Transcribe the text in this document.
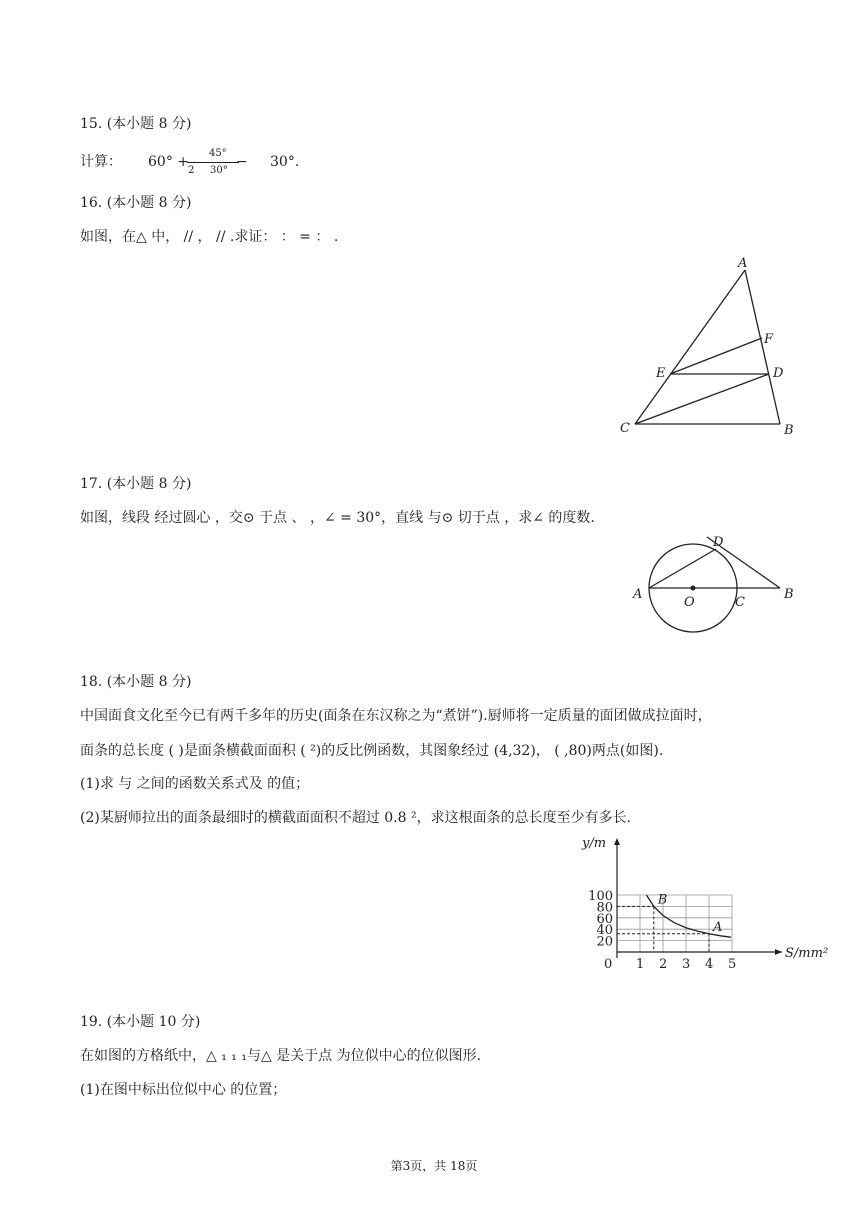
15. (本小题 8 分)
计算： 60° +
45°
2 30°
− 30°.
16. (本小题 8 分)
如图，在△ 中， // ， // .求证： ： = ： .
A
F
E	D
C	B
17. (本小题 8 分)
如图，线段 经过圆心 ，交⊙ 于点 、 ，∠ = 30°，直线 与⊙ 切于点 ，求∠ 的度数.
D
A
O	C
B
18. (本小题 8 分)
中国面食文化至今已有两千多年的历史(面条在东汉称之为“煮饼”).厨师将一定质量的面团做成拉面时，
面条的总长度 ( )是面条横截面面积 ( ²)的反比例函数，其图象经过 (4,32)， ( ,80)两点(如图).
(1)求 与 之间的函数关系式及 的值；
(2)某厨师拉出的面条最细时的横截面面积不超过 0.8 ²，求这根面条的总长度至少有多长.
1 2 3 4 5
20
40
60
80
100
0
y/m
S/mm²
B
A
19. (本小题 10 分)
在如图的方格纸中，△ ₁ ₁ ₁与△ 是关于点 为位似中心的位似图形.
(1)在图中标出位似中心 的位置；
第3页，共 18页
